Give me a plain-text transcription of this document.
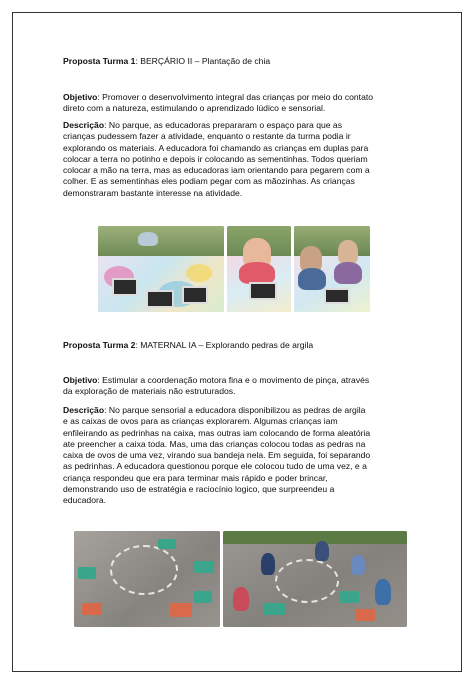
Proposta Turma 1: BERÇÁRIO II – Plantação de chia

Objetivo: Promover o desenvolvimento integral das crianças por meio do contato

direto com a natureza, estimulando o aprendizado lúdico e sensorial.

Descrição: No parque, as educadoras prepararam o espaço para que as

crianças pudessem fazer a atividade, enquanto o restante da turma podia ir

explorando os materiais. A educadora foi chamando as crianças em duplas para

colocar a terra no potinho e depois ir colocando as sementinhas. Todos queriam

colocar a mão na terra, mas as educadoras iam orientando para pegarem com a

colher. E as sementinhas eles podiam pegar com as mãozinhas. As crianças

demonstraram bastante interesse na atividade.

Proposta Turma 2: MATERNAL IA – Explorando pedras de argila

Objetivo: Estimular a coordenação motora fina e o movimento de pinça, através

da exploração de materiais não estruturados.

Descrição: No parque sensorial a educadora disponibilizou as pedras de argila

e as caixas de ovos para as crianças explorarem. Algumas crianças iam

enfileirando as pedrinhas na caixa, mas outras iam colocando de forma aleatória

ate preencher a caixa toda. Mas, uma das crianças colocou todas as pedras na

caixa de ovos de uma vez, virando sua bandeja nela. Em seguida, foi separando

as pedrinhas. A educadora questionou porque ele colocou tudo de uma vez, e a

criança respondeu que era para terminar mais rápido e poder brincar,

demonstrando uso de estratégia e raciocínio logico, que surpreendeu a

educadora.
